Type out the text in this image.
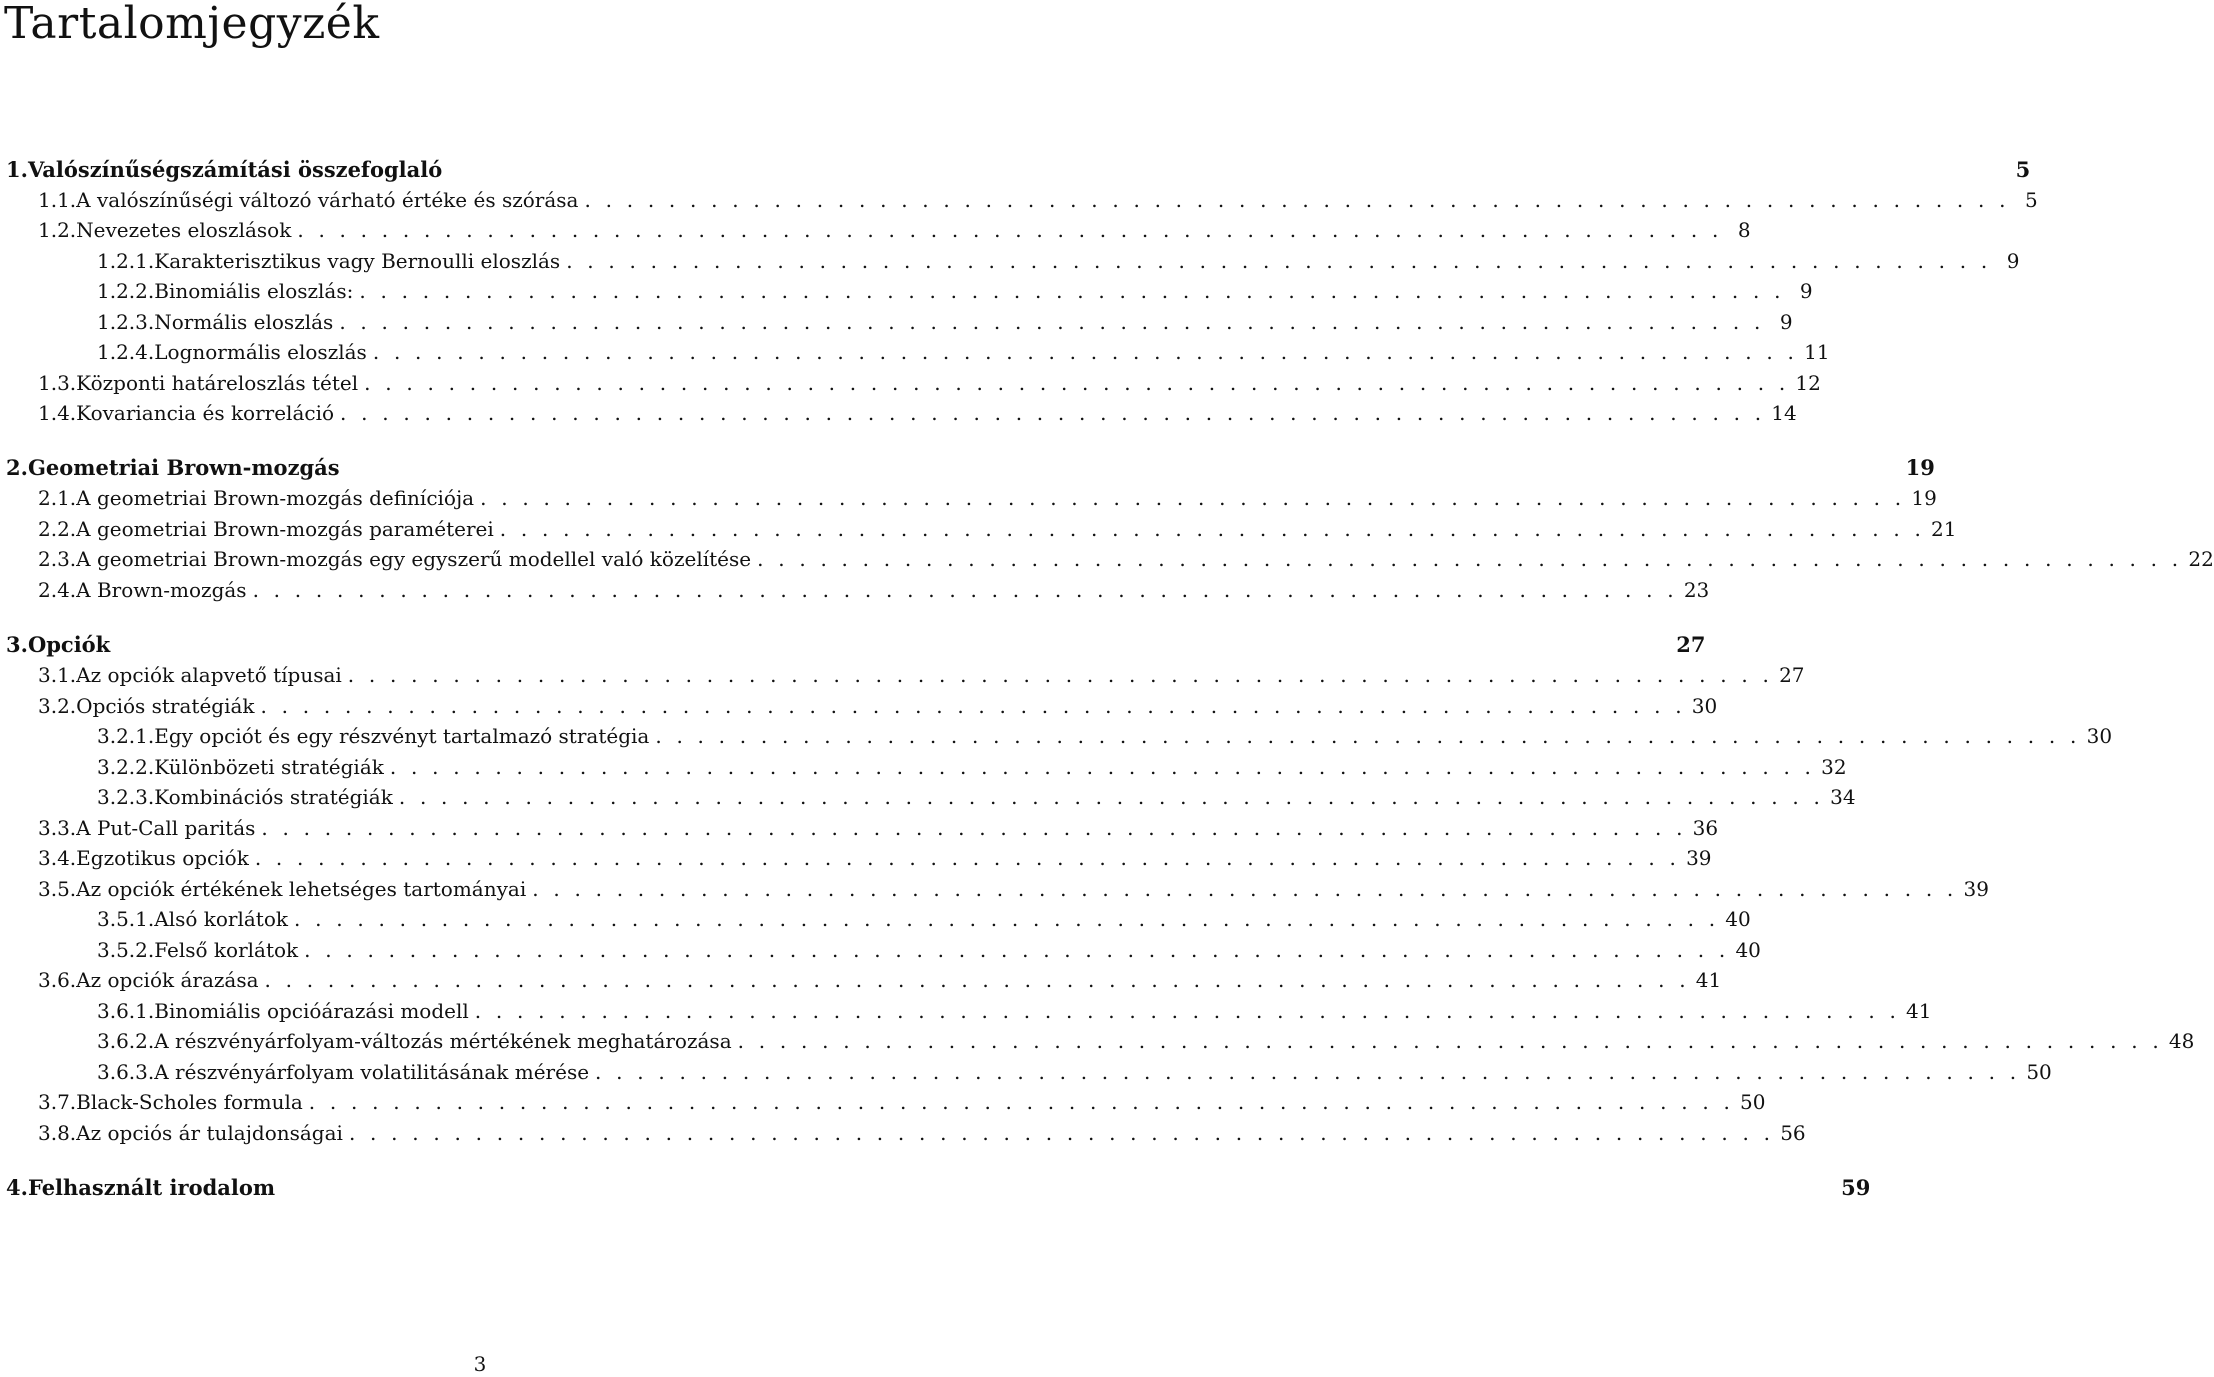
Tartalomjegyzék
1. Valószínűségszámítási összefoglaló	5
1.1. A valószínűségi változó várható értéke és szórása . . . . . . . . . . . . . . . . . . . . . . . . . . . . . . . . . . . . . . . . . . . . . . . . . . . . . . . . . . . . . . . . . . . . 5
1.2. Nevezetes eloszlások . . . . . . . . . . . . . . . . . . . . . . . . . . . . . . . . . . . . . . . . . . . . . . . . . . . . . . . . . . . . . . . . . . . . 8
1.2.1. Karakterisztikus vagy Bernoulli eloszlás . . . . . . . . . . . . . . . . . . . . . . . . . . . . . . . . . . . . . . . . . . . . . . . . . . . . . . . . . . . . . . . . . . . . 9
1.2.2. Binomiális eloszlás: . . . . . . . . . . . . . . . . . . . . . . . . . . . . . . . . . . . . . . . . . . . . . . . . . . . . . . . . . . . . . . . . . . . . 9
1.2.3. Normális eloszlás . . . . . . . . . . . . . . . . . . . . . . . . . . . . . . . . . . . . . . . . . . . . . . . . . . . . . . . . . . . . . . . . . . . . 9
1.2.4. Lognormális eloszlás . . . . . . . . . . . . . . . . . . . . . . . . . . . . . . . . . . . . . . . . . . . . . . . . . . . . . . . . . . . . . . . . . . . . 11
1.3. Központi határeloszlás tétel . . . . . . . . . . . . . . . . . . . . . . . . . . . . . . . . . . . . . . . . . . . . . . . . . . . . . . . . . . . . . . . . . . . . 12
1.4. Kovariancia és korreláció . . . . . . . . . . . . . . . . . . . . . . . . . . . . . . . . . . . . . . . . . . . . . . . . . . . . . . . . . . . . . . . . . . . . 14
2. Geometriai Brown-mozgás	19
2.1. A geometriai Brown-mozgás definíciója . . . . . . . . . . . . . . . . . . . . . . . . . . . . . . . . . . . . . . . . . . . . . . . . . . . . . . . . . . . . . . . . . . . . 19
2.2. A geometriai Brown-mozgás paraméterei . . . . . . . . . . . . . . . . . . . . . . . . . . . . . . . . . . . . . . . . . . . . . . . . . . . . . . . . . . . . . . . . . . . . 21
2.3. A geometriai Brown-mozgás egy egyszerű modellel való közelítése . . . . . . . . . . . . . . . . . . . . . . . . . . . . . . . . . . . . . . . . . . . . . . . . . . . . . . . . . . . . . . . . . . . . 22
2.4. A Brown-mozgás . . . . . . . . . . . . . . . . . . . . . . . . . . . . . . . . . . . . . . . . . . . . . . . . . . . . . . . . . . . . . . . . . . . . 23
3. Opciók	27
3.1. Az opciók alapvető típusai . . . . . . . . . . . . . . . . . . . . . . . . . . . . . . . . . . . . . . . . . . . . . . . . . . . . . . . . . . . . . . . . . . . . 27
3.2. Opciós stratégiák . . . . . . . . . . . . . . . . . . . . . . . . . . . . . . . . . . . . . . . . . . . . . . . . . . . . . . . . . . . . . . . . . . . . 30
3.2.1. Egy opciót és egy részvényt tartalmazó stratégia . . . . . . . . . . . . . . . . . . . . . . . . . . . . . . . . . . . . . . . . . . . . . . . . . . . . . . . . . . . . . . . . . . . . 30
3.2.2. Különbözeti stratégiák . . . . . . . . . . . . . . . . . . . . . . . . . . . . . . . . . . . . . . . . . . . . . . . . . . . . . . . . . . . . . . . . . . . . 32
3.2.3. Kombinációs stratégiák . . . . . . . . . . . . . . . . . . . . . . . . . . . . . . . . . . . . . . . . . . . . . . . . . . . . . . . . . . . . . . . . . . . . 34
3.3. A Put-Call paritás . . . . . . . . . . . . . . . . . . . . . . . . . . . . . . . . . . . . . . . . . . . . . . . . . . . . . . . . . . . . . . . . . . . . 36
3.4. Egzotikus opciók . . . . . . . . . . . . . . . . . . . . . . . . . . . . . . . . . . . . . . . . . . . . . . . . . . . . . . . . . . . . . . . . . . . . 39
3.5. Az opciók értékének lehetséges tartományai . . . . . . . . . . . . . . . . . . . . . . . . . . . . . . . . . . . . . . . . . . . . . . . . . . . . . . . . . . . . . . . . . . . . 39
3.5.1. Alsó korlátok . . . . . . . . . . . . . . . . . . . . . . . . . . . . . . . . . . . . . . . . . . . . . . . . . . . . . . . . . . . . . . . . . . . . 40
3.5.2. Felső korlátok . . . . . . . . . . . . . . . . . . . . . . . . . . . . . . . . . . . . . . . . . . . . . . . . . . . . . . . . . . . . . . . . . . . . 40
3.6. Az opciók árazása . . . . . . . . . . . . . . . . . . . . . . . . . . . . . . . . . . . . . . . . . . . . . . . . . . . . . . . . . . . . . . . . . . . . 41
3.6.1. Binomiális opcióárazási modell . . . . . . . . . . . . . . . . . . . . . . . . . . . . . . . . . . . . . . . . . . . . . . . . . . . . . . . . . . . . . . . . . . . . 41
3.6.2. A részvényárfolyam-változás mértékének meghatározása . . . . . . . . . . . . . . . . . . . . . . . . . . . . . . . . . . . . . . . . . . . . . . . . . . . . . . . . . . . . . . . . . . . . 48
3.6.3. A részvényárfolyam volatilitásának mérése . . . . . . . . . . . . . . . . . . . . . . . . . . . . . . . . . . . . . . . . . . . . . . . . . . . . . . . . . . . . . . . . . . . . 50
3.7. Black-Scholes formula . . . . . . . . . . . . . . . . . . . . . . . . . . . . . . . . . . . . . . . . . . . . . . . . . . . . . . . . . . . . . . . . . . . . 50
3.8. Az opciós ár tulajdonságai . . . . . . . . . . . . . . . . . . . . . . . . . . . . . . . . . . . . . . . . . . . . . . . . . . . . . . . . . . . . . . . . . . . . 56
4. Felhasznált irodalom	59
3
